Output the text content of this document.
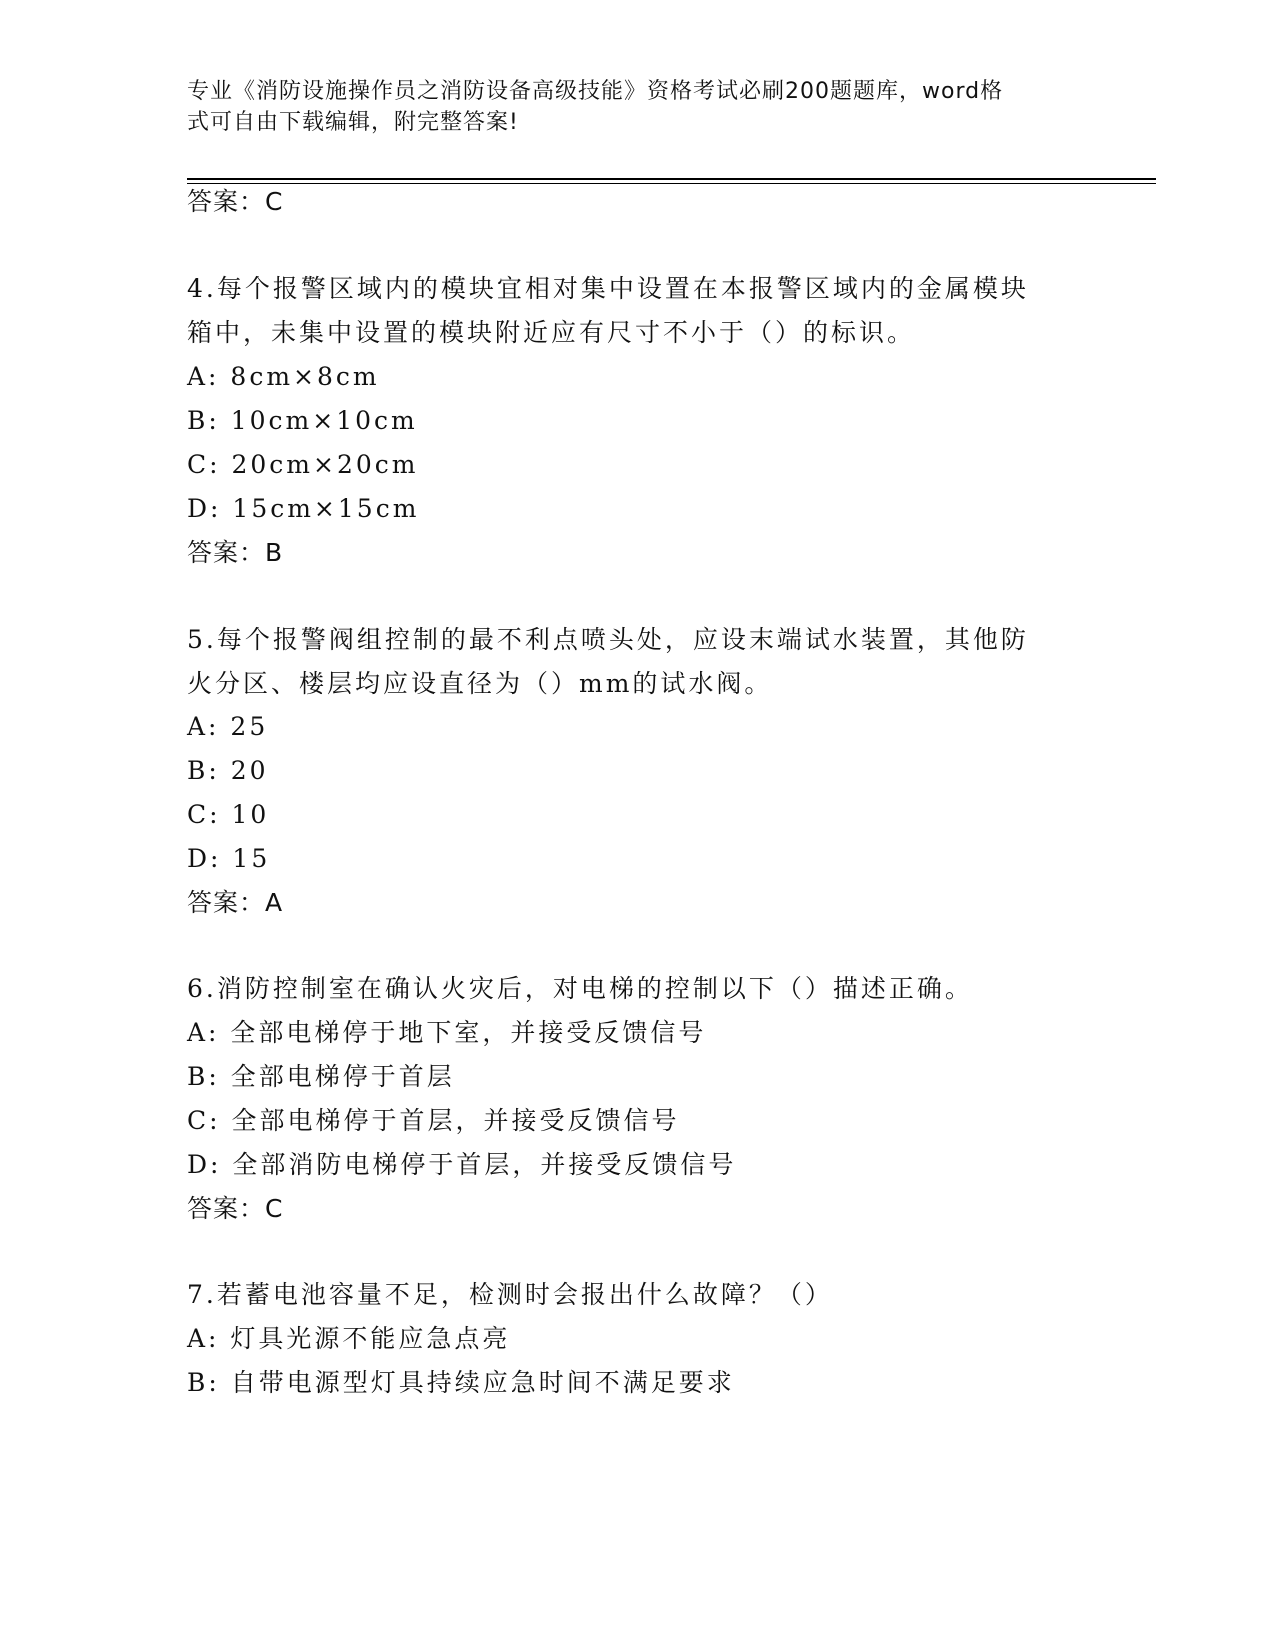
专业《消防设施操作员之消防设备高级技能》资格考试必刷200题题库，word格
式可自由下载编辑，附完整答案!
答案：C
4.每个报警区域内的模块宜相对集中设置在本报警区域内的金属模块
箱中，未集中设置的模块附近应有尺寸不小于（）的标识。
A: 8cm×8cm
B: 10cm×10cm
C: 20cm×20cm
D: 15cm×15cm
答案：B
5.每个报警阀组控制的最不利点喷头处，应设末端试水装置，其他防
火分区、楼层均应设直径为（）mm的试水阀。
A: 25
B: 20
C: 10
D: 15
答案：A
6.消防控制室在确认火灾后，对电梯的控制以下（）描述正确。
A: 全部电梯停于地下室，并接受反馈信号
B: 全部电梯停于首层
C: 全部电梯停于首层，并接受反馈信号
D: 全部消防电梯停于首层，并接受反馈信号
答案：C
7.若蓄电池容量不足，检测时会报出什么故障？（）
A: 灯具光源不能应急点亮
B: 自带电源型灯具持续应急时间不满足要求
